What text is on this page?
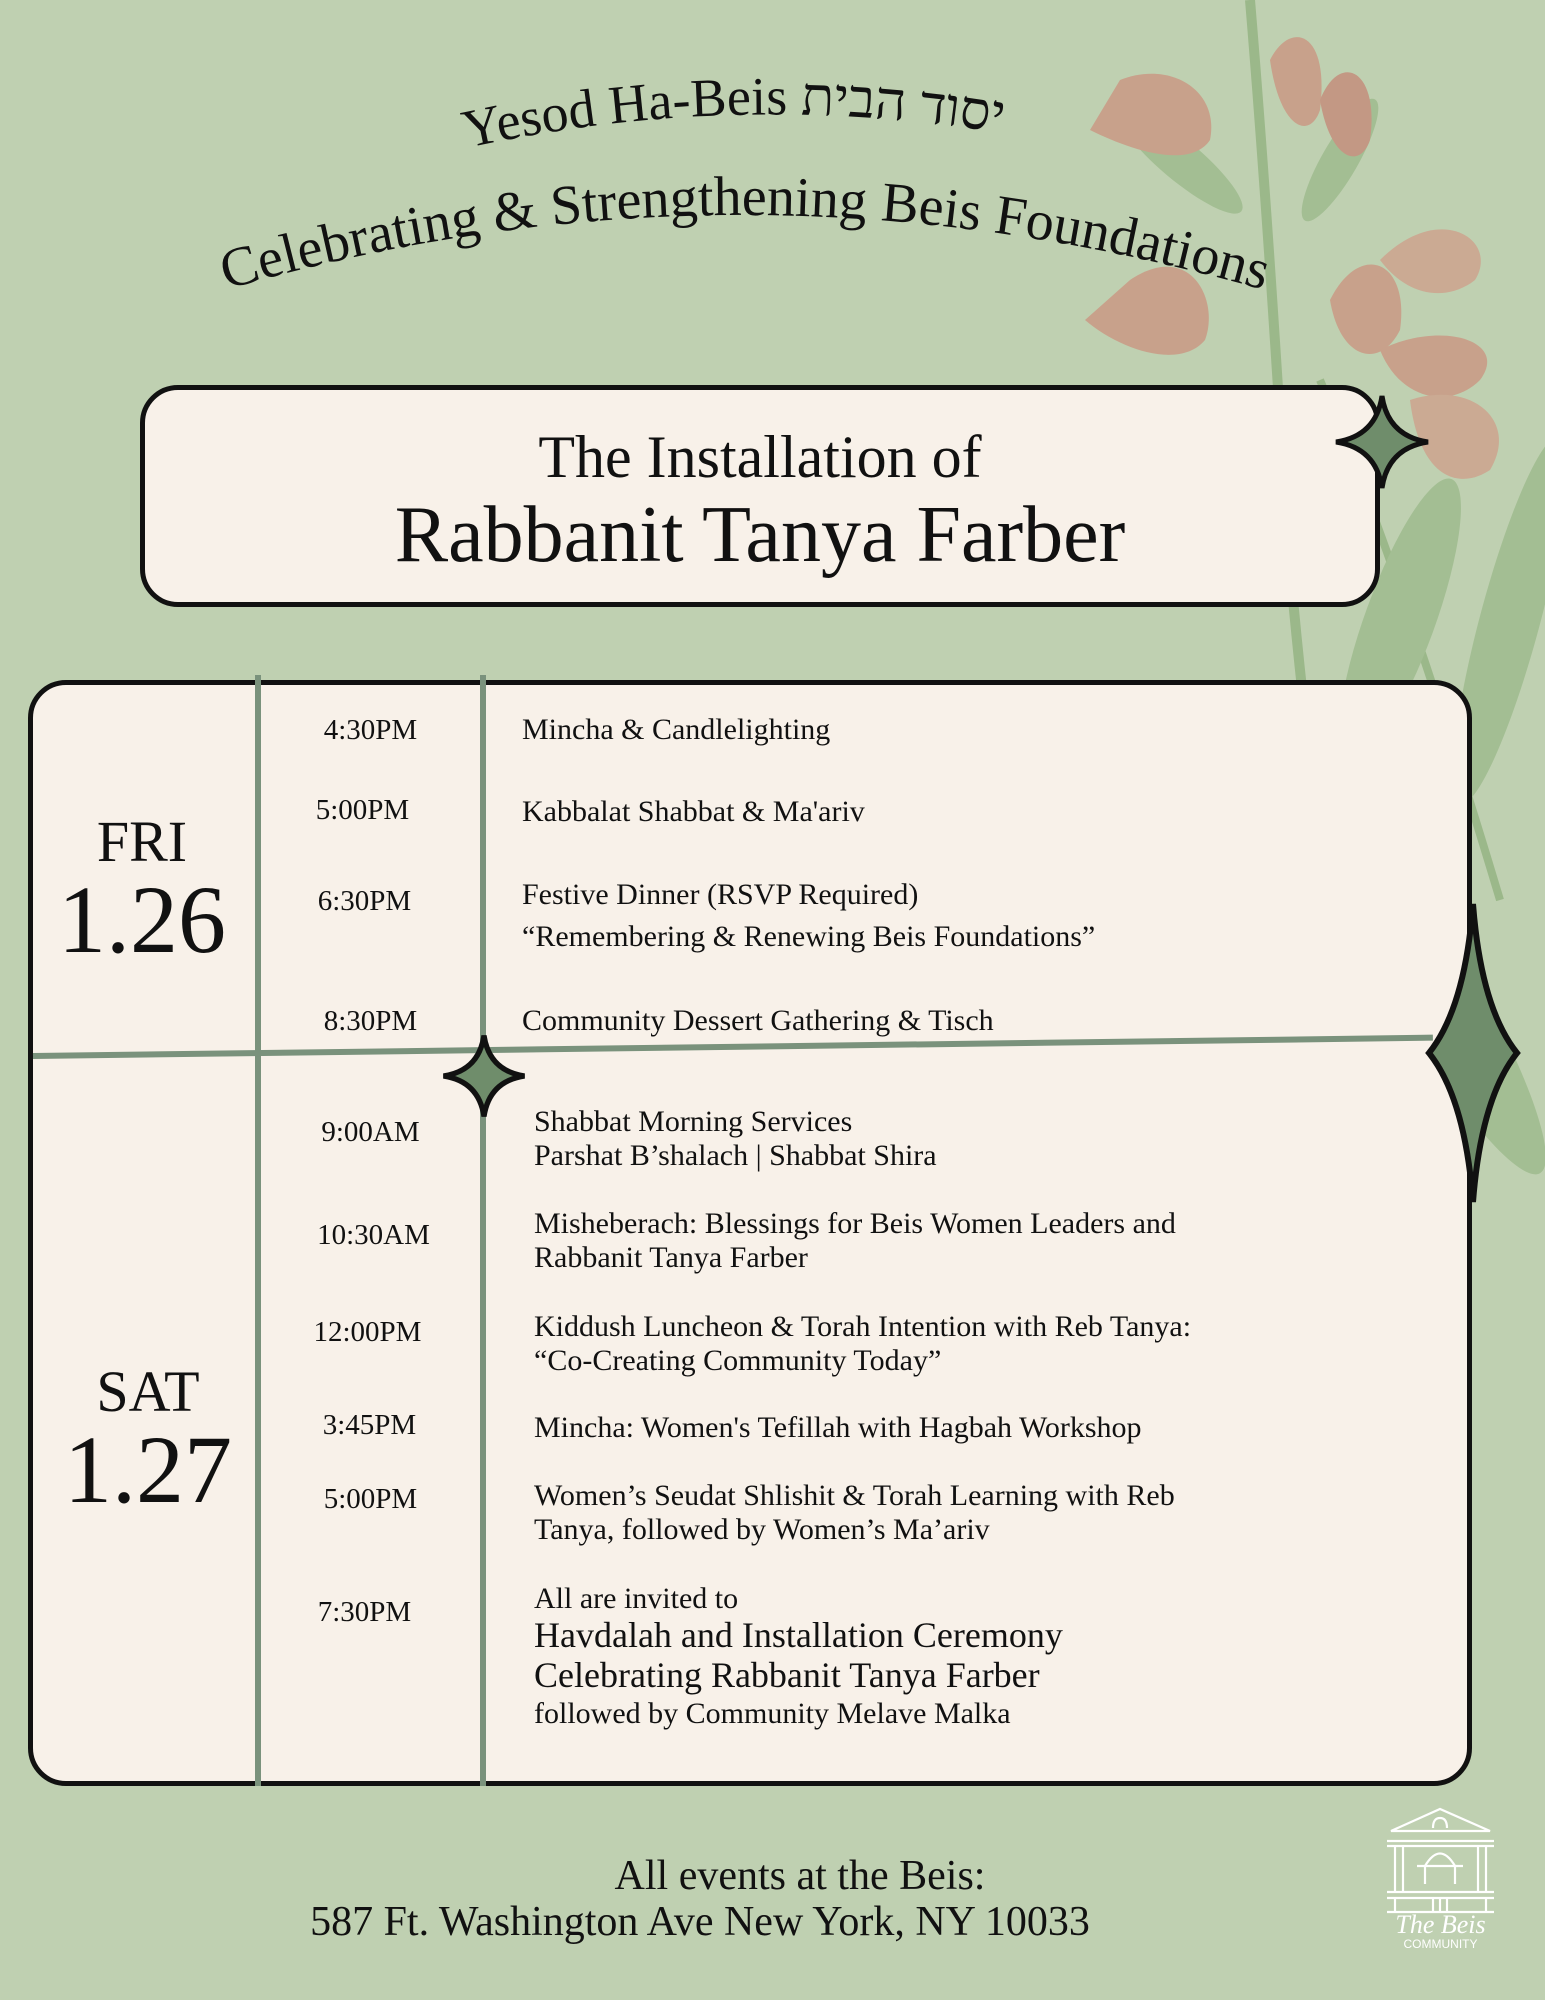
Yesod Ha-Beis יסוד הבית
Celebrating & Strengthening Beis Foundations
The Installation of
Rabbanit Tanya Farber
FRI
1.26
SAT
1.27
4:30PM	Mincha & Candlelighting
5:00PM	Kabbalat Shabbat & Ma'ariv
6:30PM	Festive Dinner (RSVP Required)
“Remembering & Renewing Beis Foundations”
8:30PM	Community Dessert Gathering & Tisch
9:00AM	Shabbat Morning Services
Parshat B’shalach | Shabbat Shira
10:30AM	Misheberach: Blessings for Beis Women Leaders and
Rabbanit Tanya Farber
12:00PM	Kiddush Luncheon & Torah Intention with Reb Tanya:
“Co-Creating Community Today”
3:45PM	Mincha: Women's Tefillah with Hagbah Workshop
5:00PM	Women’s Seudat Shlishit & Torah Learning with Reb
Tanya, followed by Women’s Ma’ariv
7:30PM	All are invited to
Havdalah and Installation Ceremony
Celebrating Rabbanit Tanya Farber
followed by Community Melave Malka
All events at the Beis:
587 Ft. Washington Ave New York, NY 10033	The Beis
COMMUNITY
